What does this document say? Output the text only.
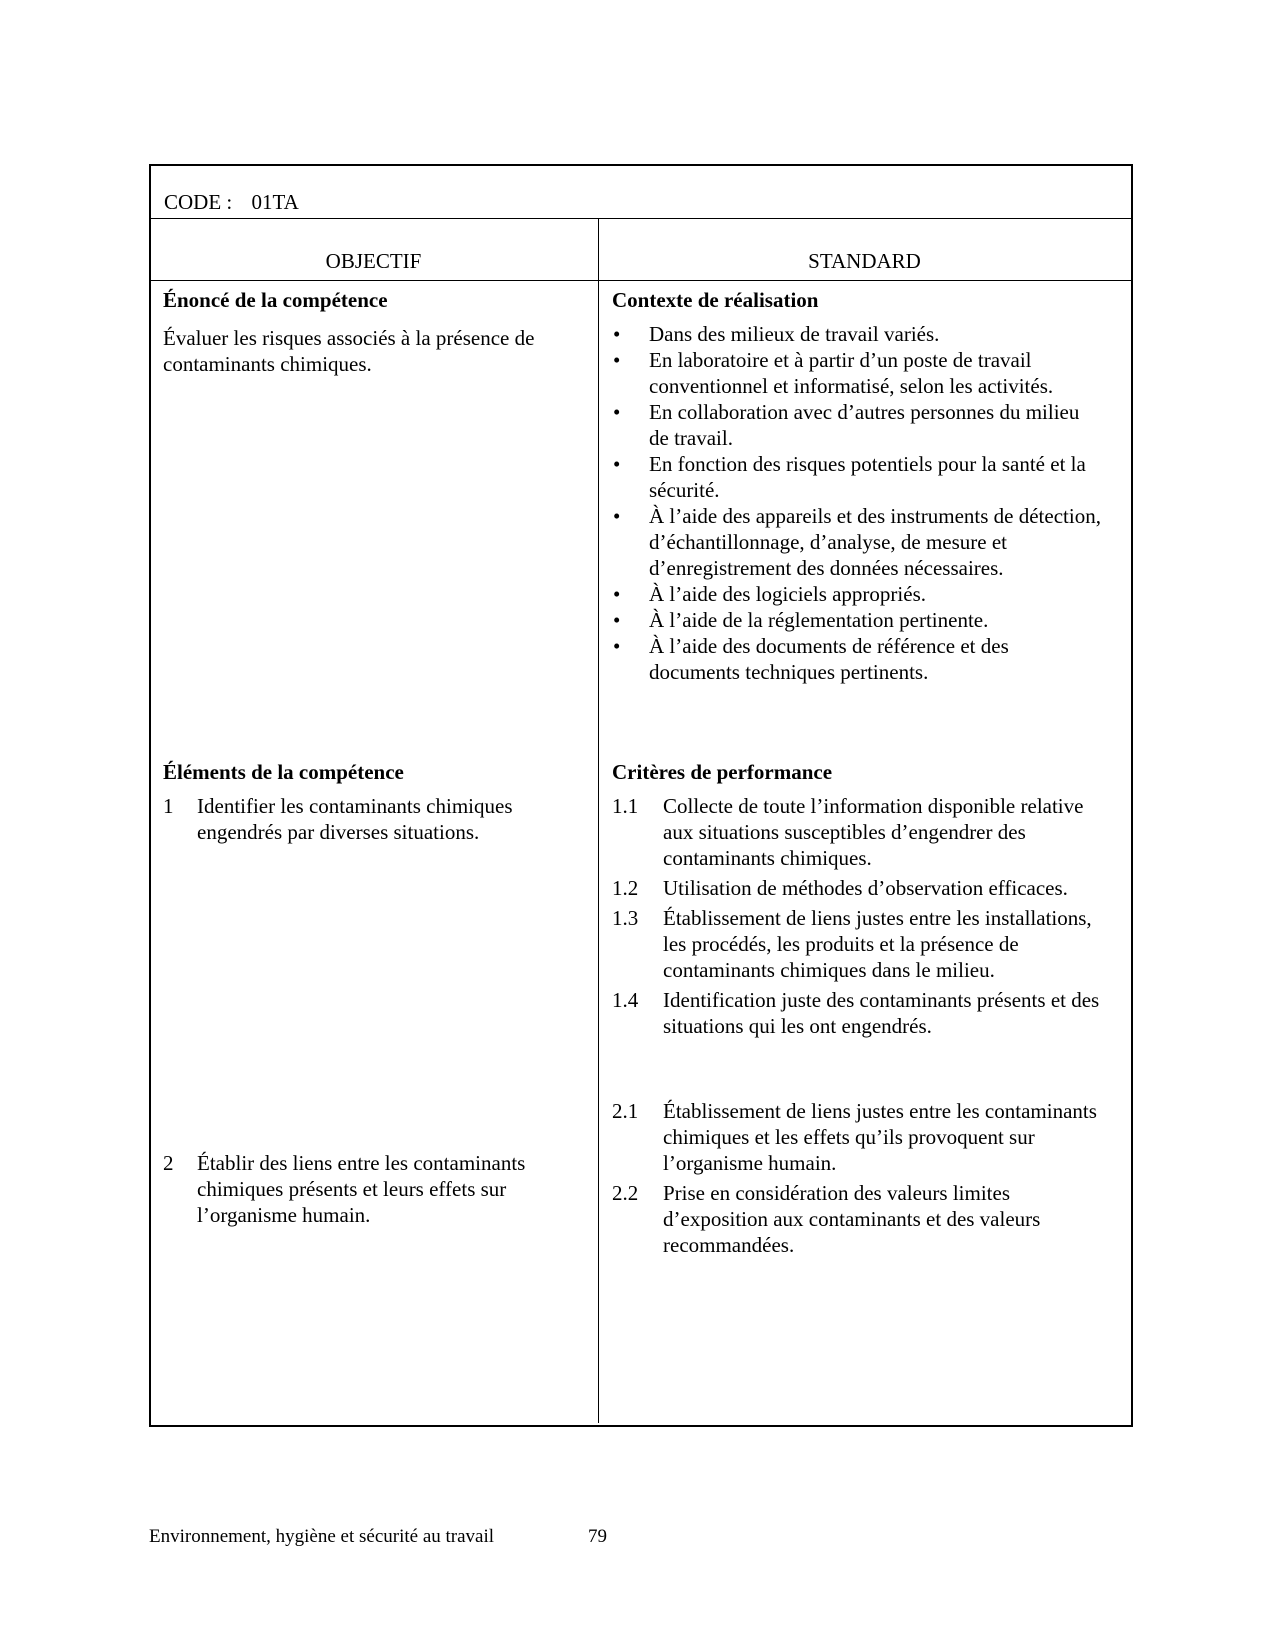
CODE : 01TA
OBJECTIF	STANDARD
Énoncé de la compétence
Évaluer les risques associés à la présence de contaminants chimiques.
Éléments de la compétence
1 Identifier les contaminants chimiques engendrés par diverses situations.
2 Établir des liens entre les contaminants chimiques présents et leurs effets sur l’organisme humain.
Contexte de réalisation
• Dans des milieux de travail variés.
• En laboratoire et à partir d’un poste de travail conventionnel et informatisé, selon les activités.
• En collaboration avec d’autres personnes du milieu de travail.
• En fonction des risques potentiels pour la santé et la sécurité.
• À l’aide des appareils et des instruments de détection, d’échantillonnage, d’analyse, de mesure et d’enregistrement des données nécessaires.
• À l’aide des logiciels appropriés.
• À l’aide de la réglementation pertinente.
• À l’aide des documents de référence et des documents techniques pertinents.
Critères de performance
1.1 Collecte de toute l’information disponible relative aux situations susceptibles d’engendrer des contaminants chimiques.
1.2 Utilisation de méthodes d’observation efficaces.
1.3 Établissement de liens justes entre les installations, les procédés, les produits et la présence de contaminants chimiques dans le milieu.
1.4 Identification juste des contaminants présents et des situations qui les ont engendrés.
2.1 Établissement de liens justes entre les contaminants chimiques et les effets qu’ils provoquent sur l’organisme humain.
2.2 Prise en considération des valeurs limites d’exposition aux contaminants et des valeurs recommandées.
Environnement, hygiène et sécurité au travail	79
